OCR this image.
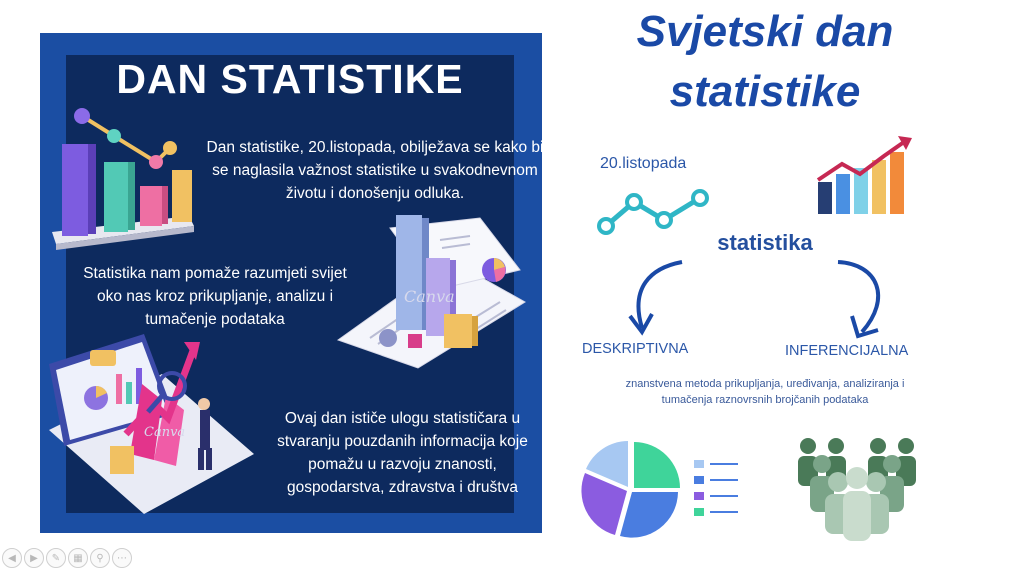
DAN STATISTIKE
Dan statistike, 20.listopada, obilježava se kako bi se naglasila važnost statistike u svakodnevnom životu i donošenju odluka.
Canva
Statistika nam pomaže razumjeti svijet oko nas kroz prikupljanje, analizu i tumačenje podataka
Canva
Ovaj dan ističe ulogu statističara u stvaranju pouzdanih informacija koje pomažu u razvoju znanosti, gospodarstva, zdravstva i društva
Svjetski dan
statistike
20.listopada
statistika
DESKRIPTIVNA	INFERENCIJALNA
znanstvena metoda prikupljanja, uređivanja, analiziranja i tumačenja raznovrsnih brojčanih podataka
◀	▶	✎	▦	⚲	⋯
